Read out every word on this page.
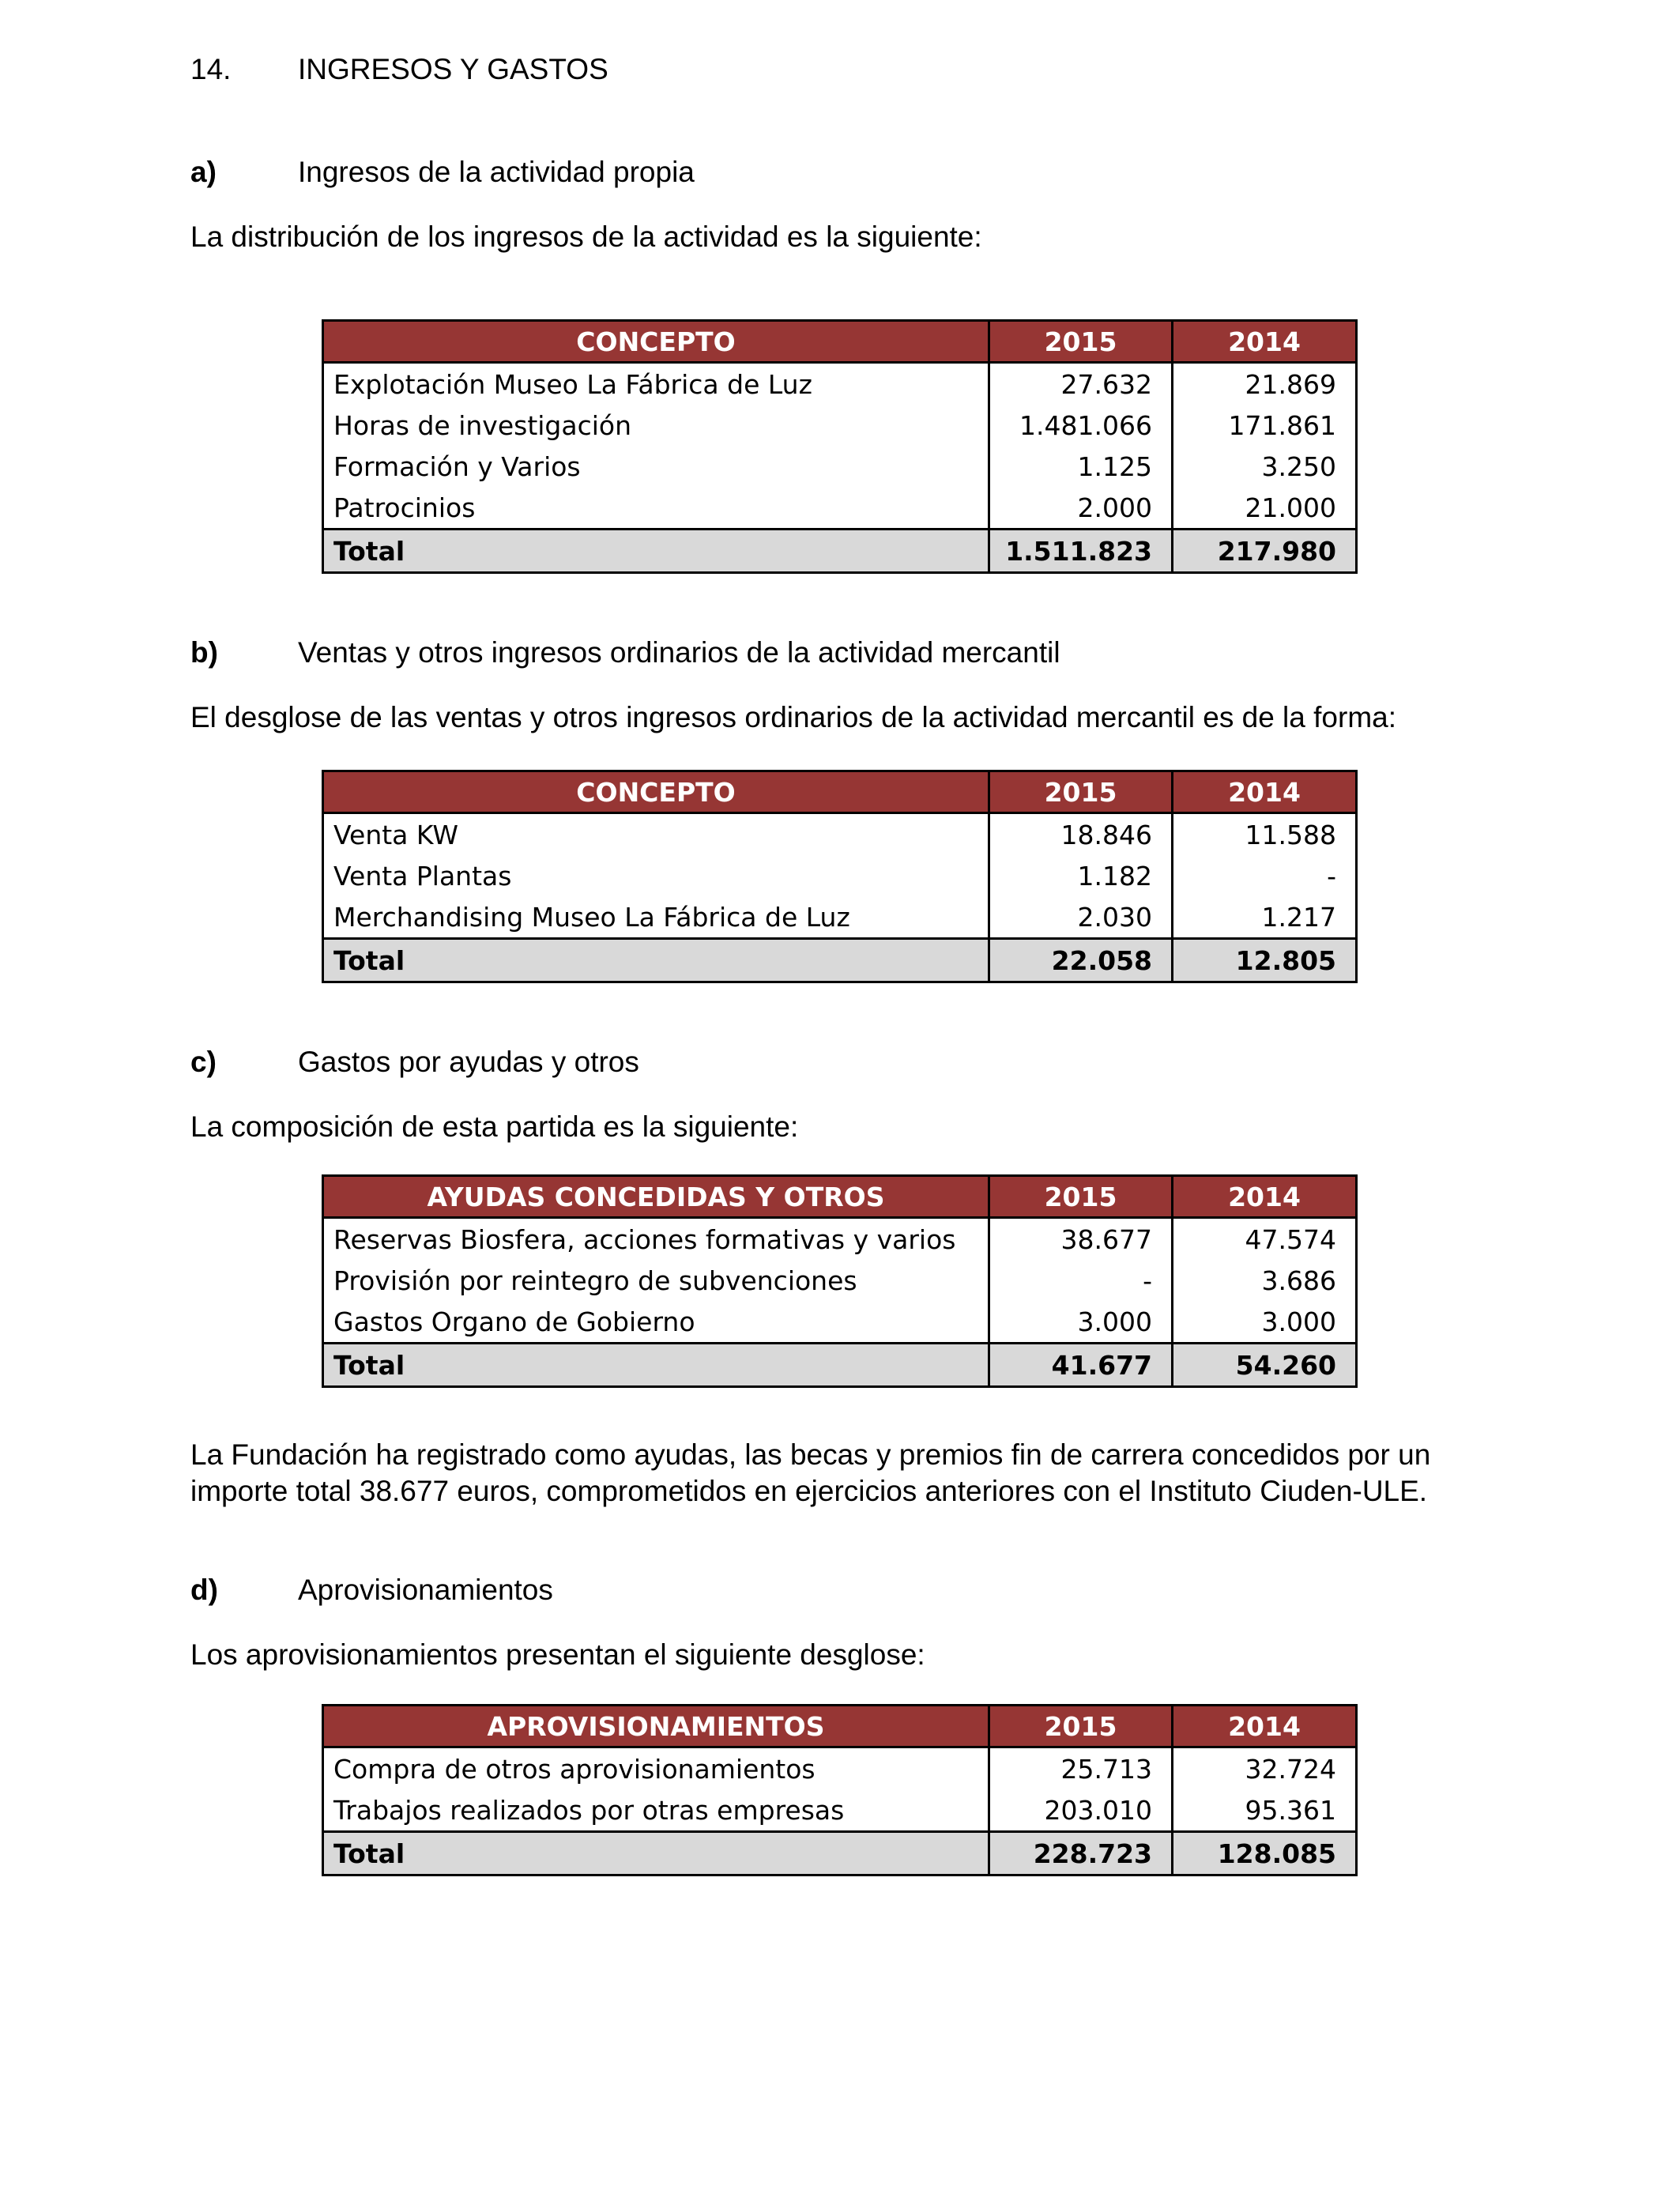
14. INGRESOS Y GASTOS
a)	Ingresos de la actividad propia
La distribución de los ingresos de la actividad es la siguiente:
CONCEPTO	2015	2014
Explotación Museo La Fábrica de Luz	27.632	21.869
Horas de investigación	1.481.066	171.861
Formación y Varios	1.125	3.250
Patrocinios	2.000	21.000
Total	1.511.823	217.980
b)	Ventas y otros ingresos ordinarios de la actividad mercantil
El desglose de las ventas y otros ingresos ordinarios de la actividad mercantil es de la forma:
CONCEPTO	2015	2014
Venta KW	18.846	11.588
Venta Plantas	1.182	-
Merchandising Museo La Fábrica de Luz	2.030	1.217
Total	22.058	12.805
c)	Gastos por ayudas y otros
La composición de esta partida es la siguiente:
AYUDAS CONCEDIDAS Y OTROS	2015	2014
Reservas Biosfera, acciones formativas y varios	38.677	47.574
Provisión por reintegro de subvenciones	-	3.686
Gastos Organo de Gobierno	3.000	3.000
Total	41.677	54.260
La Fundación ha registrado como ayudas, las becas y premios fin de carrera concedidos por un importe total 38.677 euros, comprometidos en ejercicios anteriores con el Instituto Ciuden-ULE.
d)	Aprovisionamientos
Los aprovisionamientos presentan el siguiente desglose:
APROVISIONAMIENTOS	2015	2014
Compra de otros aprovisionamientos	25.713	32.724
Trabajos realizados por otras empresas	203.010	95.361
Total	228.723	128.085
